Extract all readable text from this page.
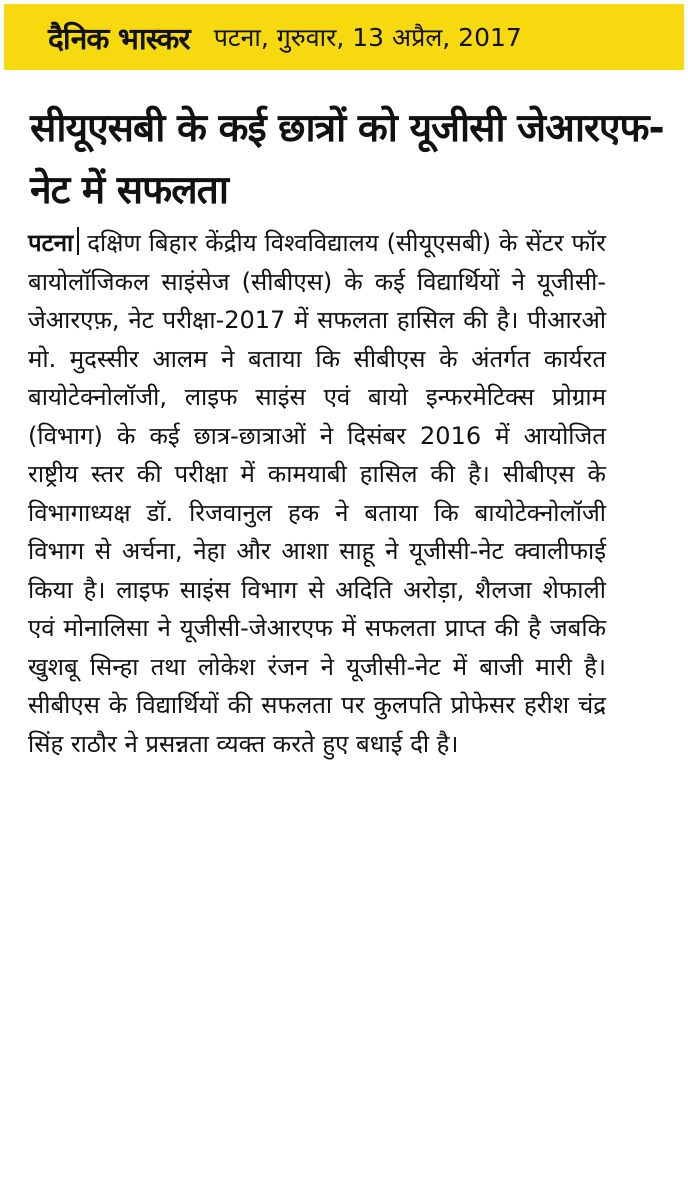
दैनिक भास्कर पटना, गुरुवार, 13 अप्रैल, 2017
सीयूएसबी के कई छात्रों को यूजीसी जेआरएफ-नेट में सफलता

पटना दक्षिण बिहार केंद्रीय विश्वविद्यालय (सीयूएसबी) के सेंटर फॉर बायोलॉजिकल साइंसेज (सीबीएस) के कई विद्यार्थियों ने यूजीसी- जेआरएफ़, नेट परीक्षा-2017 में सफलता हासिल की है। पीआरओ मो. मुदस्सीर आलम ने बताया कि सीबीएस के अंतर्गत कार्यरत बायोटेक्नोलॉजी, लाइफ साइंस एवं बायो इन्फरमेटिक्स प्रोग्राम (विभाग) के कई छात्र-छात्राओं ने दिसंबर 2016 में आयोजित राष्ट्रीय स्तर की परीक्षा में कामयाबी हासिल की है। सीबीएस के विभागाध्यक्ष डॉ. रिजवानुल हक ने बताया कि बायोटेक्नोलॉजी विभाग से अर्चना, नेहा और आशा साहू ने यूजीसी-नेट क्वालीफाई किया है। लाइफ साइंस विभाग से अदिति अरोड़ा, शैलजा शेफाली एवं मोनालिसा ने यूजीसी-जेआरएफ में सफलता प्राप्त की है जबकि खुशबू सिन्हा तथा लोकेश रंजन ने यूजीसी-नेट में बाजी मारी है। सीबीएस के विद्यार्थियों की सफलता पर कुलपति प्रोफेसर हरीश चंद्र सिंह राठौर ने प्रसन्नता व्यक्त करते हुए बधाई दी है।
